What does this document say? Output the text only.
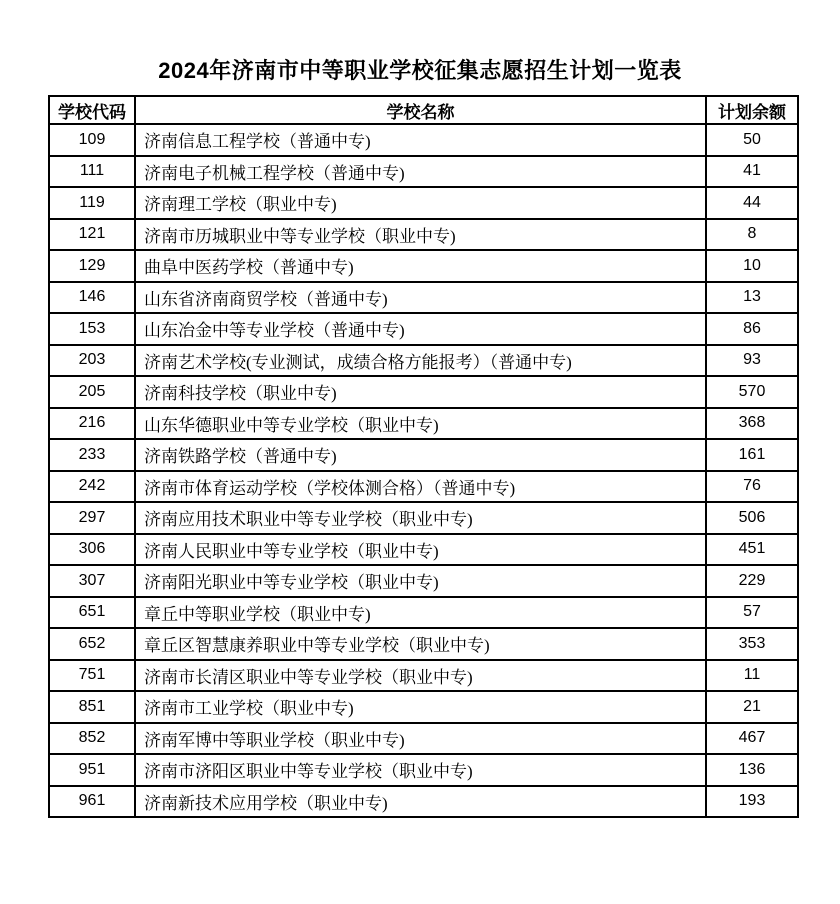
2024年济南市中等职业学校征集志愿招生计划一览表
学校代码	学校名称	计划余额
109	济南信息工程学校（普通中专)	50
111	济南电子机械工程学校（普通中专)	41
119	济南理工学校（职业中专)	44
121	济南市历城职业中等专业学校（职业中专)	8
129	曲阜中医药学校（普通中专)	10
146	山东省济南商贸学校（普通中专)	13
153	山东冶金中等专业学校（普通中专)	86
203	济南艺术学校(专业测试，成绩合格方能报考）（普通中专)	93
205	济南科技学校（职业中专)	570
216	山东华德职业中等专业学校（职业中专)	368
233	济南铁路学校（普通中专)	161
242	济南市体育运动学校（学校体测合格）（普通中专)	76
297	济南应用技术职业中等专业学校（职业中专)	506
306	济南人民职业中等专业学校（职业中专)	451
307	济南阳光职业中等专业学校（职业中专)	229
651	章丘中等职业学校（职业中专)	57
652	章丘区智慧康养职业中等专业学校（职业中专)	353
751	济南市长清区职业中等专业学校（职业中专)	11
851	济南市工业学校（职业中专)	21
852	济南军博中等职业学校（职业中专)	467
951	济南市济阳区职业中等专业学校（职业中专)	136
961	济南新技术应用学校（职业中专)	193
